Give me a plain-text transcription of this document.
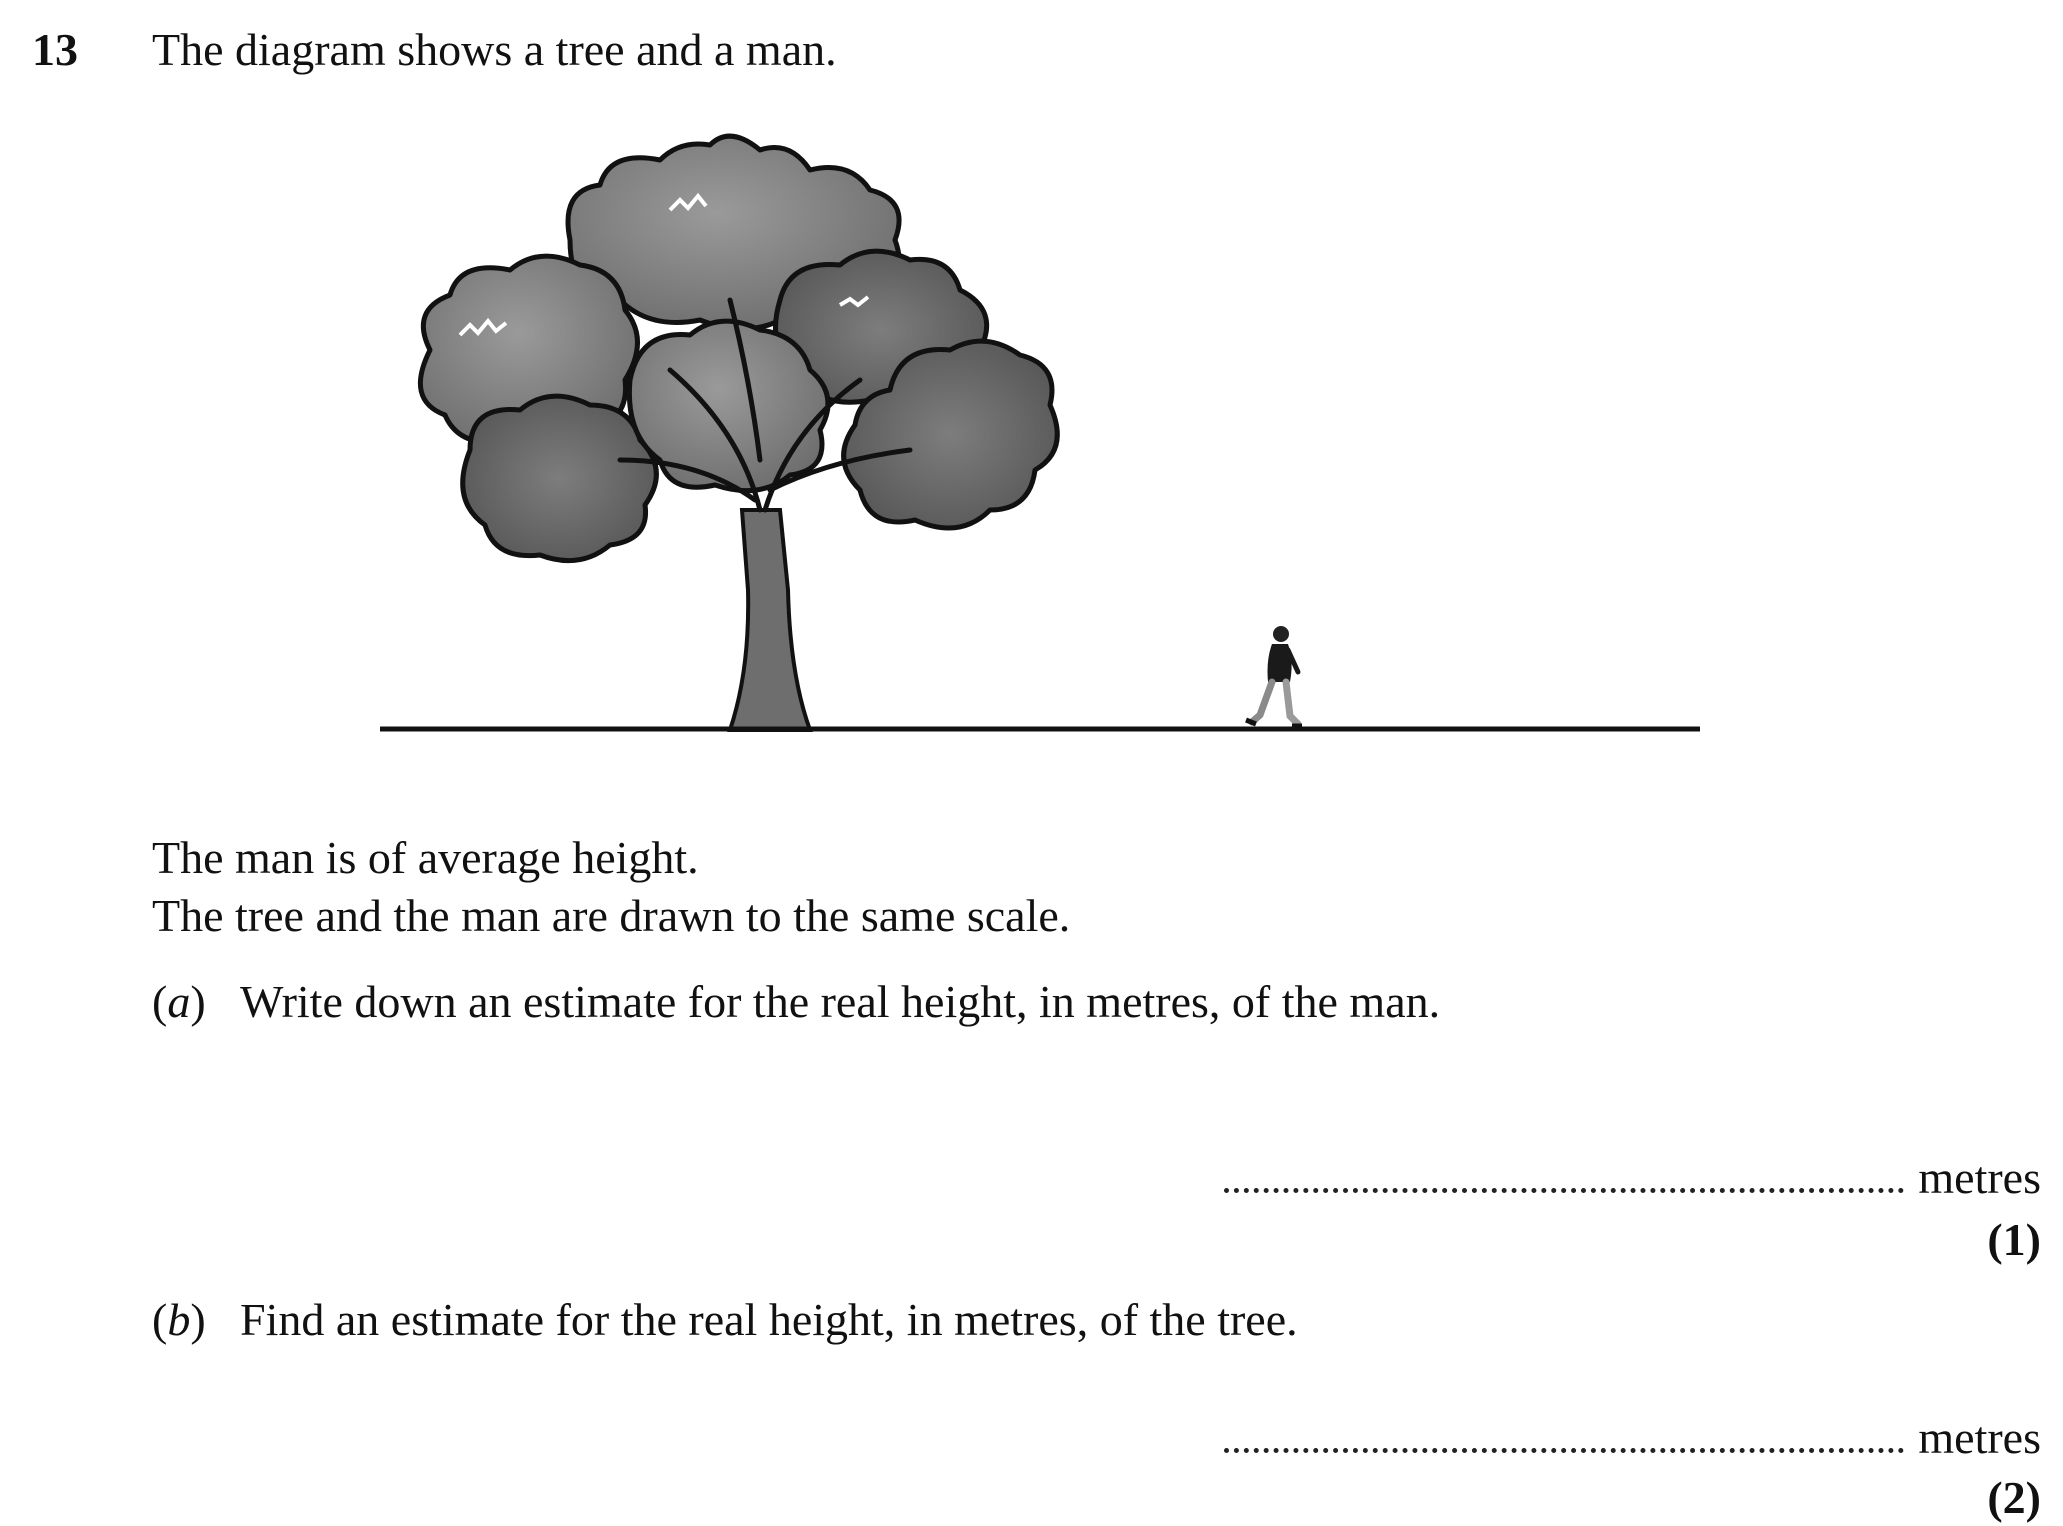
13 The diagram shows a tree and a man.
The man is of average height.
The tree and the man are drawn to the same scale.
(a) Write down an estimate for the real height, in metres, of the man.
metres
(1)
(b) Find an estimate for the real height, in metres, of the tree.
metres
(2)
